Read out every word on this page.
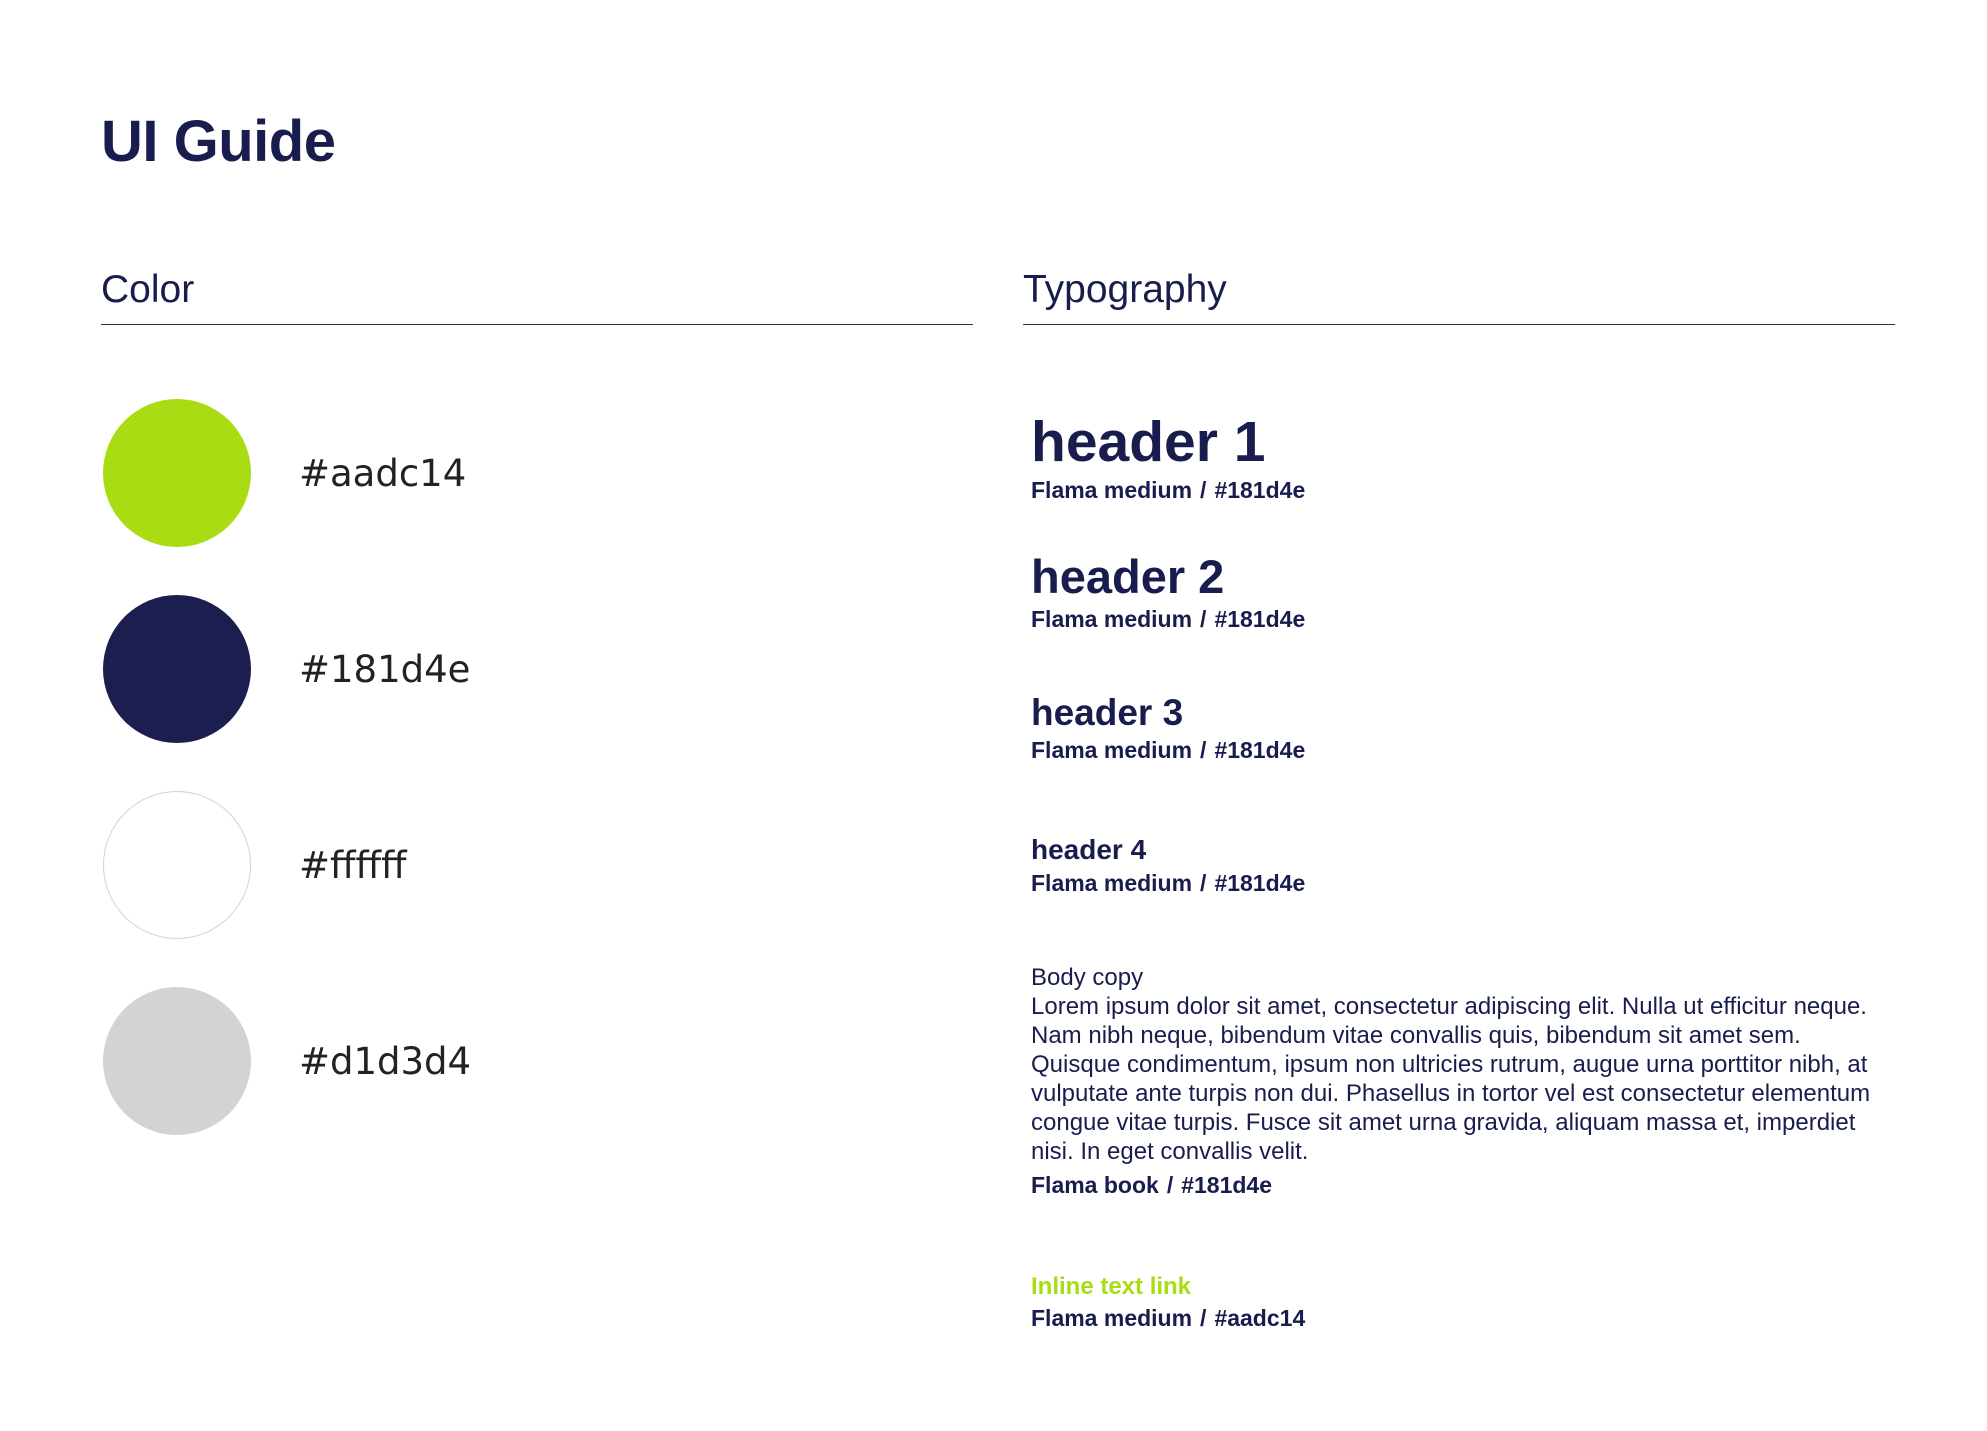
UI Guide
Color
#aadc14
#181d4e
#ffffff
#d1d3d4
Typography

header 1

Flama medium / #181d4e

header 2

Flama medium / #181d4e

header 3

Flama medium / #181d4e

header 4

Flama medium / #181d4e
Body copy

Lorem ipsum dolor sit amet, consectetur adipiscing elit. Nulla ut efficitur neque. Nam nibh neque, bibendum vitae convallis quis, bibendum sit amet sem. Quisque condimentum, ipsum non ultricies rutrum, augue urna porttitor nibh, at vulputate ante turpis non dui. Phasellus in tortor vel est consectetur elementum congue vitae turpis. Fusce sit amet urna gravida, aliquam massa et, imperdiet nisi. In eget convallis velit.

Flama book / #181d4e
Inline text link
Flama medium / #aadc14
